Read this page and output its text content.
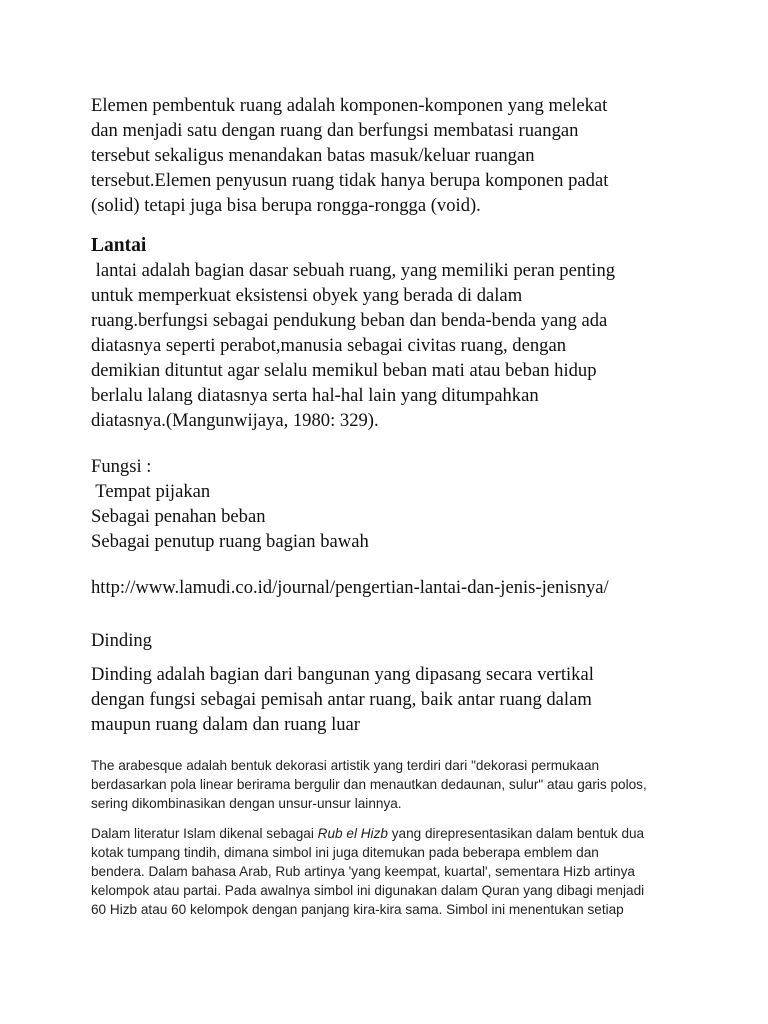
Elemen pembentuk ruang adalah komponen-komponen yang melekat
dan menjadi satu dengan ruang dan berfungsi membatasi ruangan
tersebut sekaligus menandakan batas masuk/keluar ruangan
tersebut.Elemen penyusun ruang tidak hanya berupa komponen padat
(solid) tetapi juga bisa berupa rongga-rongga (void).

Lantai

lantai adalah bagian dasar sebuah ruang, yang memiliki peran penting
untuk memperkuat eksistensi obyek yang berada di dalam
ruang.berfungsi sebagai pendukung beban dan benda-benda yang ada
diatasnya seperti perabot,manusia sebagai civitas ruang, dengan
demikian dituntut agar selalu memikul beban mati atau beban hidup
berlalu lalang diatasnya serta hal-hal lain yang ditumpahkan
diatasnya.(Mangunwijaya, 1980: 329).

Fungsi :
Tempat pijakan
Sebagai penahan beban
Sebagai penutup ruang bagian bawah

http://www.lamudi.co.id/journal/pengertian-lantai-dan-jenis-jenisnya/

Dinding

Dinding adalah bagian dari bangunan yang dipasang secara vertikal
dengan fungsi sebagai pemisah antar ruang, baik antar ruang dalam
maupun ruang dalam dan ruang luar

The arabesque adalah bentuk dekorasi artistik yang terdiri dari "dekorasi permukaan
berdasarkan pola linear berirama bergulir dan menautkan dedaunan, sulur" atau garis polos,
sering dikombinasikan dengan unsur-unsur lainnya.

Dalam literatur Islam dikenal sebagai Rub el Hizb yang direpresentasikan dalam bentuk dua
kotak tumpang tindih, dimana simbol ini juga ditemukan pada beberapa emblem dan
bendera. Dalam bahasa Arab, Rub artinya 'yang keempat, kuartal', sementara Hizb artinya
kelompok atau partai. Pada awalnya simbol ini digunakan dalam Quran yang dibagi menjadi
60 Hizb atau 60 kelompok dengan panjang kira-kira sama. Simbol ini menentukan setiap
